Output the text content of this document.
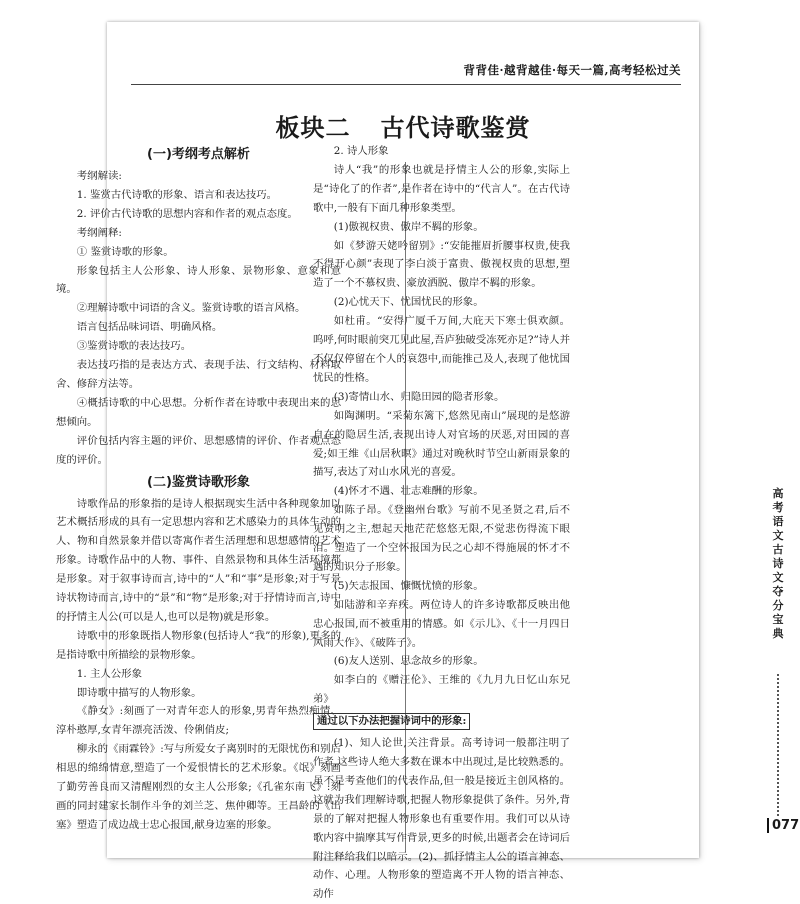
背背佳·越背越佳·每天一篇,高考轻松过关
板块二 古代诗歌鉴赏
高考语文古诗文夺分宝典
077
(一)考纲考点解析

考纲解读:

1. 鉴赏古代诗歌的形象、语言和表达技巧。

2. 评价古代诗歌的思想内容和作者的观点态度。

考纲阐释:

① 鉴赏诗歌的形象。

形象包括主人公形象、诗人形象、景物形象、意象和意境。

②理解诗歌中词语的含义。鉴赏诗歌的语言风格。

语言包括品味词语、明确风格。

③鉴赏诗歌的表达技巧。

表达技巧指的是表达方式、表现手法、行文结构、材料取舍、修辞方法等。

④概括诗歌的中心思想。分析作者在诗歌中表现出来的思想倾向。

评价包括内容主题的评价、思想感情的评价、作者观点态度的评价。

(二)鉴赏诗歌形象

诗歌作品的形象指的是诗人根据现实生活中各种现象加以艺术概括形成的具有一定思想内容和艺术感染力的具体生动的人、物和自然景象并借以寄寓作者生活理想和思想感情的艺术形象。诗歌作品中的人物、事件、自然景物和具体生活环境都是形象。对于叙事诗而言,诗中的“人”和“事”是形象;对于写景诗状物诗而言,诗中的“景”和“物”是形象;对于抒情诗而言,诗中的抒情主人公(可以是人,也可以是物)就是形象。

诗歌中的形象既指人物形象(包括诗人“我”的形象),更多的是指诗歌中所描绘的景物形象。

1. 主人公形象

即诗歌中描写的人物形象。

《静女》:刻画了一对青年恋人的形象,男青年热烈痴情、淳朴憨厚,女青年漂亮活泼、伶俐俏皮;

柳永的《雨霖铃》:写与所爱女子离别时的无限忧伤和别后相思的绵绵情意,塑造了一个爱恨情长的艺术形象。《氓》刻画了勤劳善良而又清醒刚烈的女主人公形象;《孔雀东南飞》:刻画的同封建家长制作斗争的刘兰芝、焦仲卿等。王昌龄的《出塞》塑造了成边战士忠心报国,献身边塞的形象。

2. 诗人形象

诗人“我”的形象也就是抒情主人公的形象,实际上是“诗化了的作者”,是作者在诗中的“代言人”。在古代诗歌中,一般有下面几种形象类型。

(1)傲视权贵、傲岸不羁的形象。

如《梦游天姥吟留别》:“安能摧眉折腰事权贵,使我不得开心颜”表现了李白淡于富贵、傲视权贵的思想,塑造了一个不慕权贵、豪放洒脱、傲岸不羁的形象。

(2)心忧天下、忧国忧民的形象。

如杜甫。“安得广厦千万间,大庇天下寒士俱欢颜。呜呼,何时眼前突兀见此屋,吾庐独破受冻死亦足?”诗人并不仅仅停留在个人的哀怨中,而能推己及人,表现了他忧国忧民的性格。

(3)寄情山水、归隐田园的隐者形象。

如陶渊明。“采菊东篱下,悠然见南山”展现的是悠游自在的隐居生活,表现出诗人对官场的厌恶,对田园的喜爱;如王维《山居秋暝》通过对晚秋时节空山新雨景象的描写,表达了对山水风光的喜爱。

(4)怀才不遇、壮志难酬的形象。

如陈子昂。《登幽州台歌》写前不见圣贤之君,后不见贤明之主,想起天地茫茫悠悠无限,不觉悲伤得流下眼泪。塑造了一个空怀报国为民之心却不得施展的怀才不遇的知识分子形象。

(5)矢志报国、慷慨忧愤的形象。

如陆游和辛弃疾。两位诗人的许多诗歌都反映出他忠心报国,而不被重用的情感。如《示儿》、《十一月四日风雨大作》、《破阵子》。

(6)友人送别、思念故乡的形象。

如李白的《赠汪伦》、王维的《九月九日忆山东兄弟》

通过以下办法把握诗词中的形象:

(1)、知人论世,关注背景。高考诗词一般都注明了作者,这些诗人绝大多数在课本中出现过,是比较熟悉的。虽不是考查他们的代表作品,但一般是接近主创风格的。这就为我们理解诗歌,把握人物形象提供了条件。另外,背景的了解对把握人物形象也有重要作用。我们可以从诗歌内容中揣摩其写作背景,更多的时候,出题者会在诗词后附注释给我们以暗示。(2)、抓抒情主人公的语言神态、动作、心理。人物形象的塑造离不开人物的语言神态、动作
